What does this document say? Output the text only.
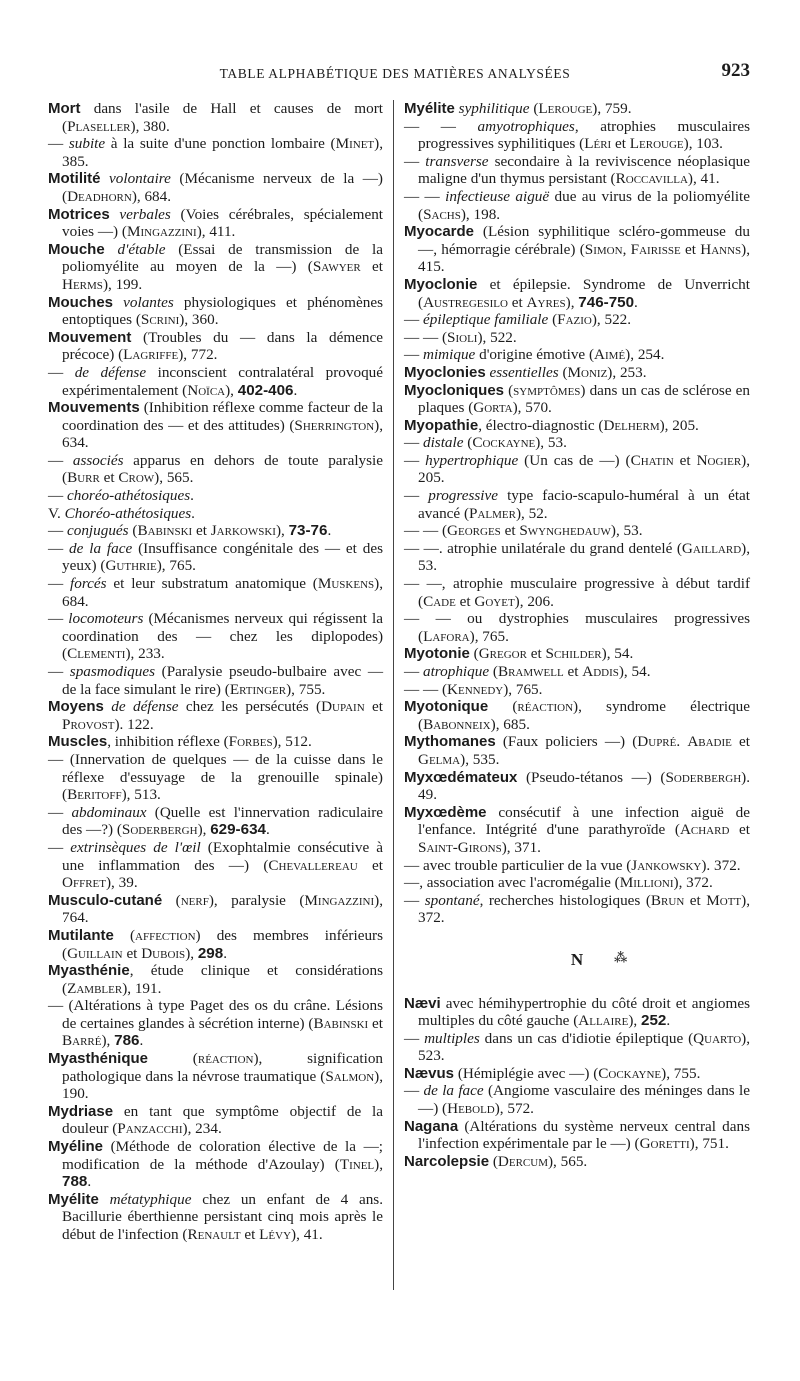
TABLE ALPHABÉTIQUE DES MATIÈRES ANALYSÉES	923

Mort dans l'asile de Hall et causes de mort (Plaseller), 380.

— subite à la suite d'une ponction lombaire (Minet), 385.

Motilité volontaire (Mécanisme nerveux de la —) (Deadhorn), 684.

Motrices verbales (Voies cérébrales, spécialement voies —) (Mingazzini), 411.

Mouche d'étable (Essai de transmission de la poliomyélite au moyen de la —) (Sawyer et Herms), 199.

Mouches volantes physiologiques et phénomènes entoptiques (Scrini), 360.

Mouvement (Troubles du — dans la démence précoce) (Lagriffe), 772.

— de défense inconscient contralatéral provoqué expérimentalement (Noïca), 402-406.

Mouvements (Inhibition réflexe comme facteur de la coordination des — et des attitudes) (Sherrington), 634.

— associés apparus en dehors de toute paralysie (Burr et Crow), 565.

— choréo-athétosiques.

V. Choréo-athétosiques.

— conjugués (Babinski et Jarkowski), 73-76.

— de la face (Insuffisance congénitale des — et des yeux) (Guthrie), 765.

— forcés et leur substratum anatomique (Muskens), 684.

— locomoteurs (Mécanismes nerveux qui régissent la coordination des — chez les diplopodes) (Clementi), 233.

— spasmodiques (Paralysie pseudo-bulbaire avec — de la face simulant le rire) (Ertinger), 755.

Moyens de défense chez les persécutés (Dupain et Provost). 122.

Muscles, inhibition réflexe (Forbes), 512.

— (Innervation de quelques — de la cuisse dans le réflexe d'essuyage de la grenouille spinale) (Beritoff), 513.

— abdominaux (Quelle est l'innervation radiculaire des —?) (Soderbergh), 629-634.

— extrinsèques de l'œil (Exophtalmie consécutive à une inflammation des —) (Chevallereau et Offret), 39.

Musculo-cutané (nerf), paralysie (Mingazzini), 764.

Mutilante (affection) des membres inférieurs (Guillain et Dubois), 298.

Myasthénie, étude clinique et considérations (Zambler), 191.

— (Altérations à type Paget des os du crâne. Lésions de certaines glandes à sécrétion interne) (Babinski et Barré), 786.

Myasthénique (réaction), signification pathologique dans la névrose traumatique (Salmon), 190.

Mydriase en tant que symptôme objectif de la douleur (Panzacchi), 234.

Myéline (Méthode de coloration élective de la —; modification de la méthode d'Azoulay) (Tinel), 788.

Myélite métatyphique chez un enfant de 4 ans. Bacillurie éberthienne persistant cinq mois après le début de l'infection (Renault et Lévy), 41.

Myélite syphilitique (Lerouge), 759.

— — amyotrophiques, atrophies musculaires progressives syphilitiques (Léri et Lerouge), 103.

— transverse secondaire à la reviviscence néoplasique maligne d'un thymus persistant (Roccavilla), 41.

— — infectieuse aiguë due au virus de la poliomyélite (Sachs), 198.

Myocarde (Lésion syphilitique scléro-gommeuse du —, hémorragie cérébrale) (Simon, Fairisse et Hanns), 415.

Myoclonie et épilepsie. Syndrome de Unverricht (Austregesilo et Ayres), 746-750.

— épileptique familiale (Fazio), 522.

— — (Sioli), 522.

— mimique d'origine émotive (Aimé), 254.

Myoclonies essentielles (Moniz), 253.

Myocloniques (symptômes) dans un cas de sclérose en plaques (Gorta), 570.

Myopathie, électro-diagnostic (Delherm), 205.

— distale (Cockayne), 53.

— hypertrophique (Un cas de —) (Chatin et Nogier), 205.

— progressive type facio-scapulo-huméral à un état avancé (Palmer), 52.

— — (Georges et Swynghedauw), 53.

— —. atrophie unilatérale du grand dentelé (Gaillard), 53.

— —, atrophie musculaire progressive à début tardif (Cade et Goyet), 206.

— — ou dystrophies musculaires progressives (Lafora), 765.

Myotonie (Gregor et Schilder), 54.

— atrophique (Bramwell et Addis), 54.

— — (Kennedy), 765.

Myotonique (réaction), syndrome électrique (Babonneix), 685.

Mythomanes (Faux policiers —) (Dupré. Abadie et Gelma), 535.

Myxœdémateux (Pseudo-tétanos —) (Soderbergh). 49.

Myxœdème consécutif à une infection aiguë de l'enfance. Intégrité d'une parathyroïde (Achard et Saint-Girons), 371.

— avec trouble particulier de la vue (Jankowsky). 372.

—, association avec l'acromégalie (Millioni), 372.

— spontané, recherches histologiques (Brun et Mott), 372.

N ⁂

Nævi avec hémihypertrophie du côté droit et angiomes multiples du côté gauche (Allaire), 252.

— multiples dans un cas d'idiotie épileptique (Quarto), 523.

Nævus (Hémiplégie avec —) (Cockayne), 755.

— de la face (Angiome vasculaire des méninges dans le —) (Hebold), 572.

Nagana (Altérations du système nerveux central dans l'infection expérimentale par le —) (Goretti), 751.

Narcolepsie (Dercum), 565.
